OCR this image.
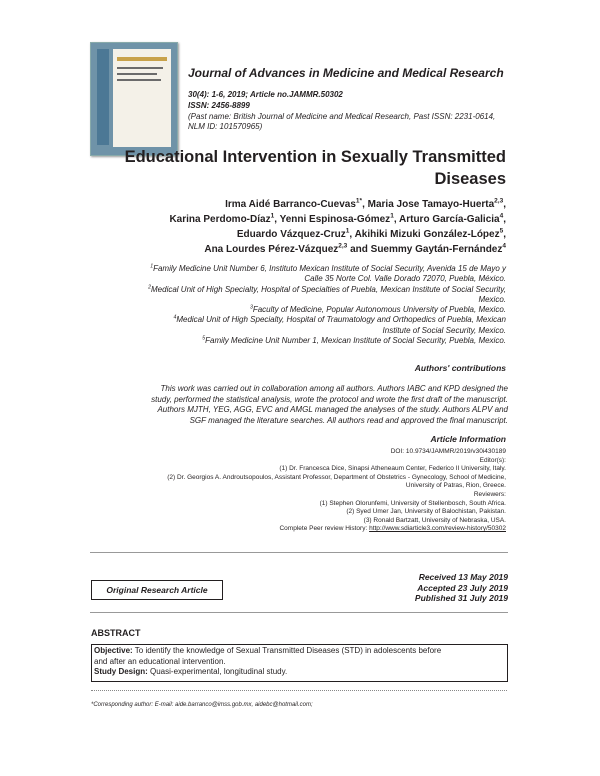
Journal of Advances in Medicine and Medical Research
30(4): 1-6, 2019; Article no.JAMMR.50302
ISSN: 2456-8899
(Past name: British Journal of Medicine and Medical Research, Past ISSN: 2231-0614,
NLM ID: 101570965)
Educational Intervention in Sexually Transmitted
Diseases
Irma Aidé Barranco-Cuevas$^{1*}$, Maria Jose Tamayo-Huerta$^{2,3}$,
Karina Perdomo-Díaz$^1$, Yenni Espinosa-Gómez$^1$, Arturo García-Galicia$^4$,
Eduardo Vázquez-Cruz$^1$, Akihiki Mizuki González-López$^5$,
Ana Lourdes Pérez-Vázquez$^{2,3}$ and Suemmy Gaytán-Fernández$^4$
$^1$Family Medicine Unit Number 6, Instituto Mexican Institute of Social Security, Avenida 15 de Mayo y
Calle 35 Norte Col. Valle Dorado 72070, Puebla, México.
$^2$Medical Unit of High Specialty, Hospital of Specialties of Puebla, Mexican Institute of Social Security,
Mexico.
$^3$Faculty of Medicine, Popular Autonomous University of Puebla, Mexico.
$^4$Medical Unit of High Specialty, Hospital of Traumatology and Orthopedics of Puebla, Mexican
Institute of Social Security, Mexico.
$^5$Family Medicine Unit Number 1, Mexican Institute of Social Security, Puebla, Mexico.
Authors' contributions
This work was carried out in collaboration among all authors. Authors IABC and KPD designed the
study, performed the statistical analysis, wrote the protocol and wrote the first draft of the manuscript.
Authors MJTH, YEG, AGG, EVC and AMGL managed the analyses of the study. Authors ALPV and
SGF managed the literature searches. All authors read and approved the final manuscript.
Article Information
DOI: 10.9734/JAMMR/2019/v30i430189
Editor(s):
(1) Dr. Francesca Dice, Sinapsi Atheneaum Center, Federico II University, Italy.
(2) Dr. Georgios A. Androutsopoulos, Assistant Professor, Department of Obstetrics - Gynecology, School of Medicine,
University of Patras, Rion, Greece.
Reviewers:
(1) Stephen Olorunfemi, University of Stellenbosch, South Africa.
(2) Syed Umer Jan, University of Balochistan, Pakistan.
(3) Ronald Bartzatt, University of Nebraska, USA.
Complete Peer review History: http://www.sdiarticle3.com/review-history/50302
Original Research Article
Received 13 May 2019
Accepted 23 July 2019
Published 31 July 2019
ABSTRACT
Objective: To identify the knowledge of Sexual Transmitted Diseases (STD) in adolescents before
and after an educational intervention.
Study Design: Quasi-experimental, longitudinal study.
*Corresponding author: E-mail: aide.barranco@imss.gob.mx, aidebc@hotmail.com;
